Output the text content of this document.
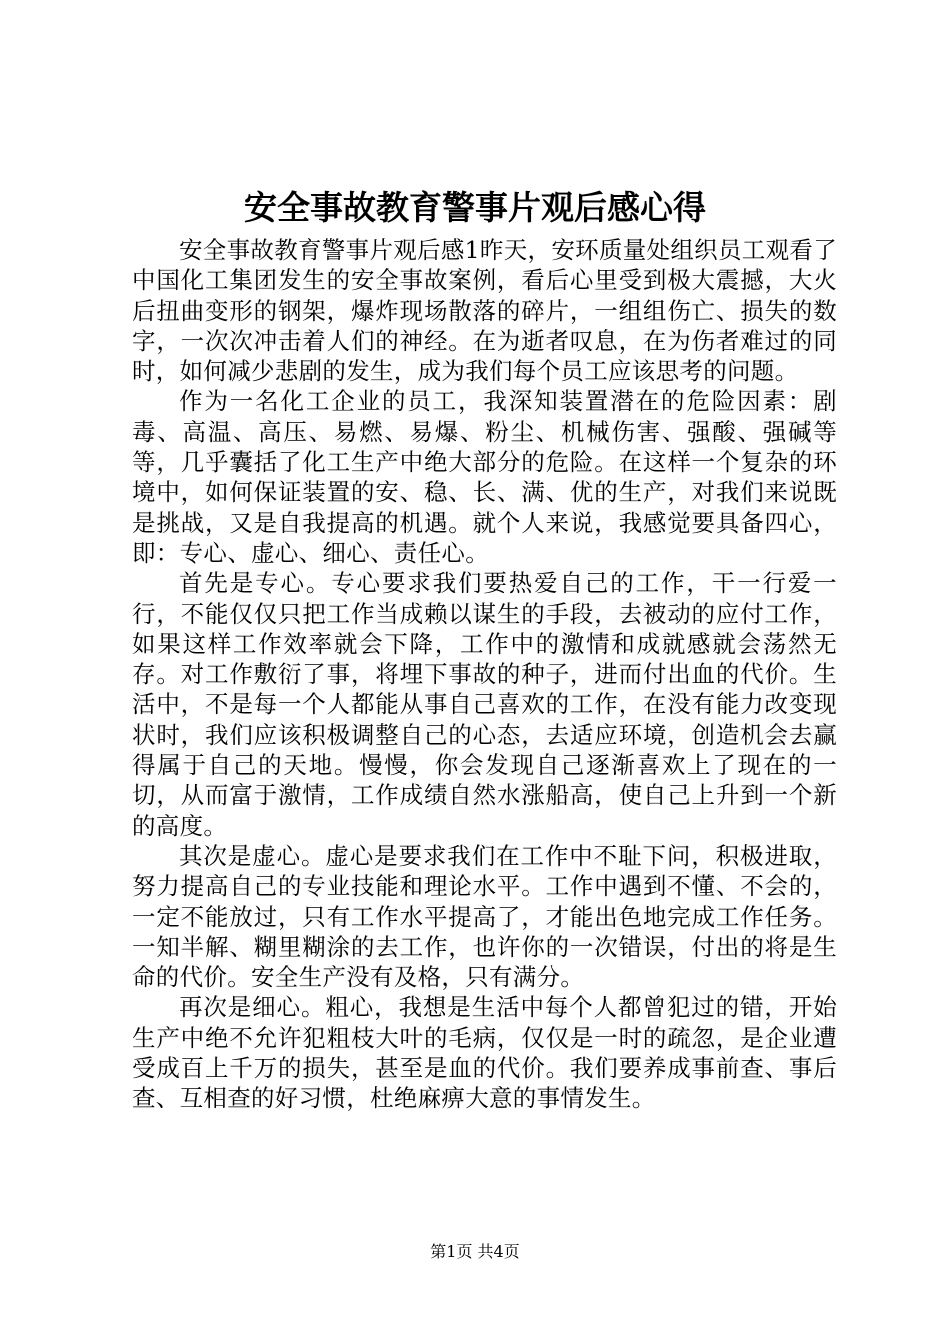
安全事故教育警事片观后感心得

安全事故教育警事片观后感1昨天，安环质量处组织员工观看了中国化工集团发生的安全事故案例，看后心里受到极大震撼，大火后扭曲变形的钢架，爆炸现场散落的碎片，一组组伤亡、损失的数字，一次次冲击着人们的神经。在为逝者叹息，在为伤者难过的同时，如何减少悲剧的发生，成为我们每个员工应该思考的问题。

作为一名化工企业的员工，我深知装置潜在的危险因素：剧毒、高温、高压、易燃、易爆、粉尘、机械伤害、强酸、强碱等等，几乎囊括了化工生产中绝大部分的危险。在这样一个复杂的环境中，如何保证装置的安、稳、长、满、优的生产，对我们来说既是挑战，又是自我提高的机遇。就个人来说，我感觉要具备四心，即：专心、虚心、细心、责任心。

首先是专心。专心要求我们要热爱自己的工作，干一行爱一行，不能仅仅只把工作当成赖以谋生的手段，去被动的应付工作，如果这样工作效率就会下降，工作中的激情和成就感就会荡然无存。对工作敷衍了事，将埋下事故的种子，进而付出血的代价。生活中，不是每一个人都能从事自己喜欢的工作，在没有能力改变现状时，我们应该积极调整自己的心态，去适应环境，创造机会去赢得属于自己的天地。慢慢，你会发现自己逐渐喜欢上了现在的一切，从而富于激情，工作成绩自然水涨船高，使自己上升到一个新的高度。

其次是虚心。虚心是要求我们在工作中不耻下问，积极进取，努力提高自己的专业技能和理论水平。工作中遇到不懂、不会的，一定不能放过，只有工作水平提高了，才能出色地完成工作任务。一知半解、糊里糊涂的去工作，也许你的一次错误，付出的将是生命的代价。安全生产没有及格，只有满分。

再次是细心。粗心，我想是生活中每个人都曾犯过的错，开始生产中绝不允许犯粗枝大叶的毛病，仅仅是一时的疏忽，是企业遭受成百上千万的损失，甚至是血的代价。我们要养成事前查、事后查、互相查的好习惯，杜绝麻痹大意的事情发生。

第1页 共4页
